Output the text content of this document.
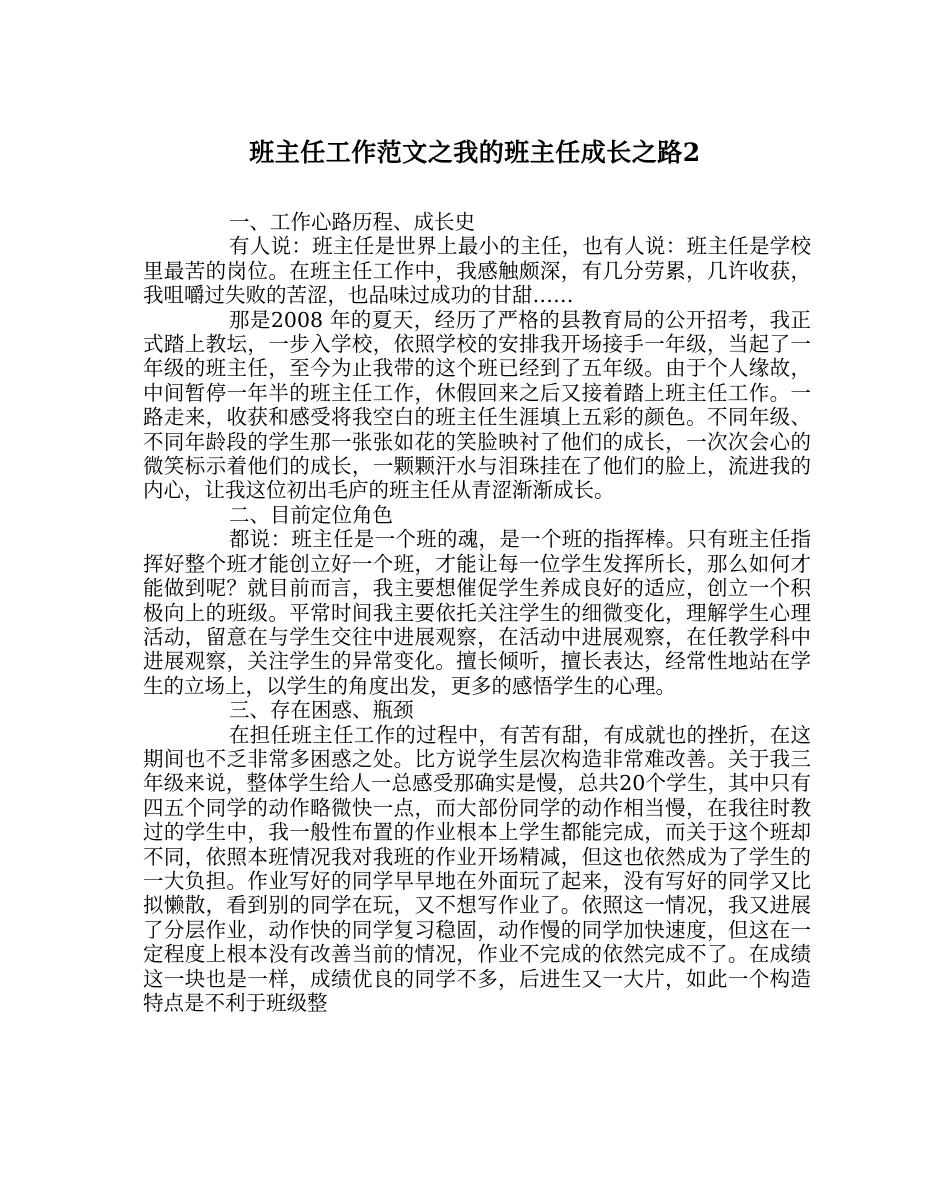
班主任工作范文之我的班主任成长之路2

一、工作心路历程、成长史

有人说：班主任是世界上最小的主任，也有人说：班主任是学校里最苦的岗位。在班主任工作中，我感触颇深，有几分劳累，几许收获，我咀嚼过失败的苦涩，也品味过成功的甘甜……

那是2008 年的夏天，经历了严格的县教育局的公开招考，我正式踏上教坛，一步入学校，依照学校的安排我开场接手一年级，当起了一年级的班主任，至今为止我带的这个班已经到了五年级。由于个人缘故，中间暂停一年半的班主任工作，休假回来之后又接着踏上班主任工作。一路走来，收获和感受将我空白的班主任生涯填上五彩的颜色。不同年级、不同年龄段的学生那一张张如花的笑脸映衬了他们的成长，一次次会心的微笑标示着他们的成长，一颗颗汗水与泪珠挂在了他们的脸上，流进我的内心，让我这位初出毛庐的班主任从青涩渐渐成长。

二、目前定位角色

都说：班主任是一个班的魂，是一个班的指挥棒。只有班主任指挥好整个班才能创立好一个班，才能让每一位学生发挥所长，那么如何才能做到呢？就目前而言，我主要想催促学生养成良好的适应，创立一个积极向上的班级。平常时间我主要依托关注学生的细微变化，理解学生心理活动，留意在与学生交往中进展观察，在活动中进展观察，在任教学科中进展观察，关注学生的异常变化。擅长倾听，擅长表达，经常性地站在学生的立场上，以学生的角度出发，更多的感悟学生的心理。

三、存在困惑、瓶颈

在担任班主任工作的过程中，有苦有甜，有成就也的挫折，在这期间也不乏非常多困惑之处。比方说学生层次构造非常难改善。关于我三年级来说，整体学生给人一总感受那确实是慢，总共20个学生，其中只有四五个同学的动作略微快一点，而大部份同学的动作相当慢，在我往时教过的学生中，我一般性布置的作业根本上学生都能完成，而关于这个班却不同，依照本班情况我对我班的作业开场精减，但这也依然成为了学生的一大负担。作业写好的同学早早地在外面玩了起来，没有写好的同学又比拟懒散，看到别的同学在玩，又不想写作业了。依照这一情况，我又进展了分层作业，动作快的同学复习稳固，动作慢的同学加快速度，但这在一定程度上根本没有改善当前的情况，作业不完成的依然完成不了。在成绩这一块也是一样，成绩优良的同学不多，后进生又一大片，如此一个构造特点是不利于班级整
